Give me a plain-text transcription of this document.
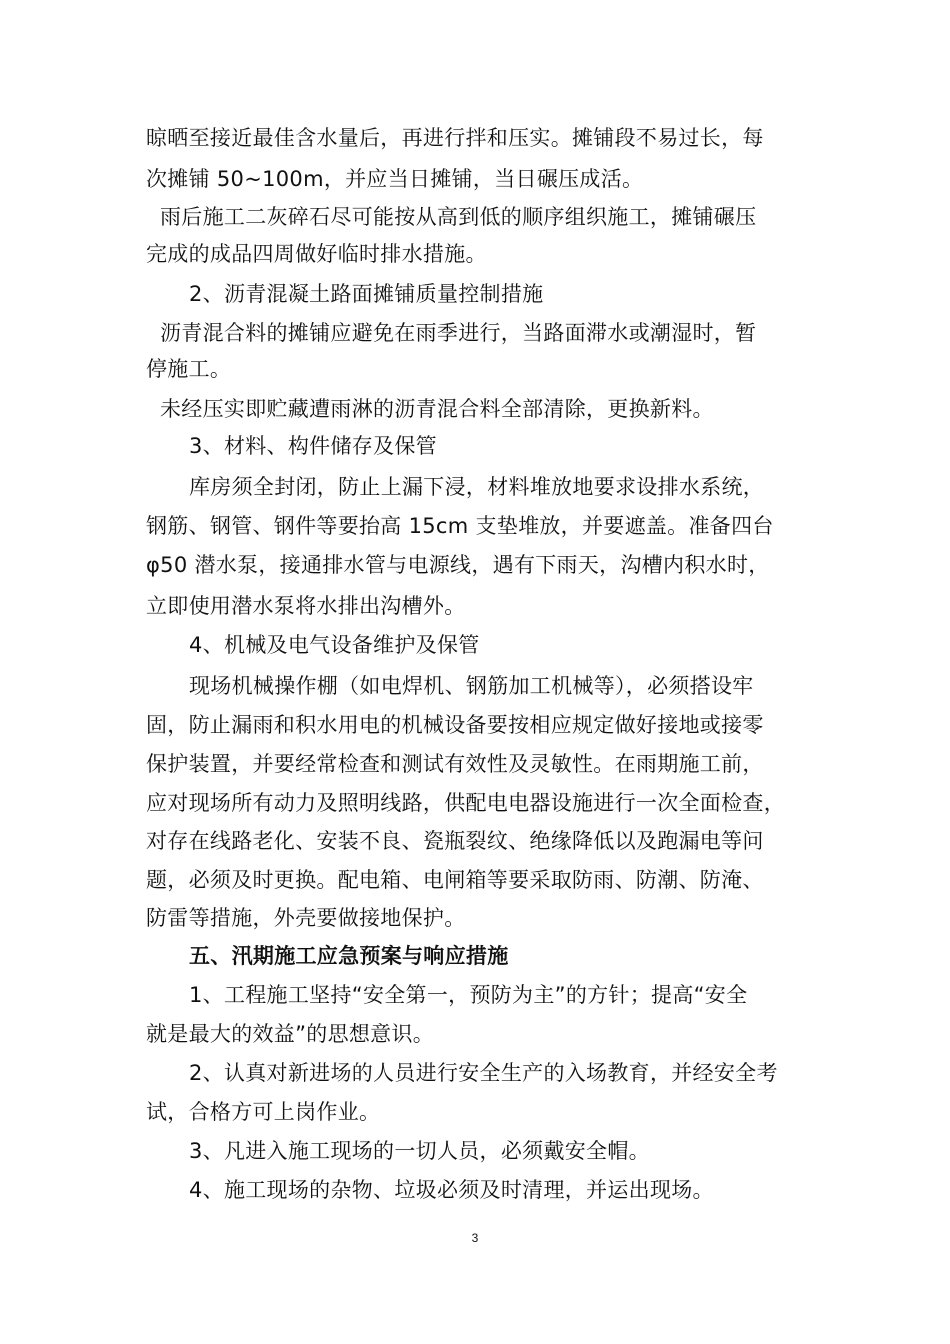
晾晒至接近最佳含水量后，再进行拌和压实。摊铺段不易过长，每
次摊铺 50~100m，并应当日摊铺，当日碾压成活。
雨后施工二灰碎石尽可能按从高到低的顺序组织施工，摊铺碾压
完成的成品四周做好临时排水措施。
2、沥青混凝土路面摊铺质量控制措施
沥青混合料的摊铺应避免在雨季进行，当路面滞水或潮湿时，暂
停施工。
未经压实即贮藏遭雨淋的沥青混合料全部清除，更换新料。
3、材料、构件储存及保管
库房须全封闭，防止上漏下浸，材料堆放地要求设排水系统，
钢筋、钢管、钢件等要抬高 15cm 支垫堆放，并要遮盖。准备四台
φ50 潜水泵，接通排水管与电源线，遇有下雨天，沟槽内积水时，
立即使用潜水泵将水排出沟槽外。
4、机械及电气设备维护及保管
现场机械操作棚（如电焊机、钢筋加工机械等），必须搭设牢
固，防止漏雨和积水用电的机械设备要按相应规定做好接地或接零
保护装置，并要经常检查和测试有效性及灵敏性。在雨期施工前，
应对现场所有动力及照明线路，供配电电器设施进行一次全面检查，
对存在线路老化、安装不良、瓷瓶裂纹、绝缘降低以及跑漏电等问
题，必须及时更换。配电箱、电闸箱等要采取防雨、防潮、防淹、
防雷等措施，外壳要做接地保护。
五、汛期施工应急预案与响应措施
1、工程施工坚持“安全第一，预防为主”的方针；提高“安全
就是最大的效益”的思想意识。
2、认真对新进场的人员进行安全生产的入场教育，并经安全考
试，合格方可上岗作业。
3、凡进入施工现场的一切人员，必须戴安全帽。
4、施工现场的杂物、垃圾必须及时清理，并运出现场。
3
